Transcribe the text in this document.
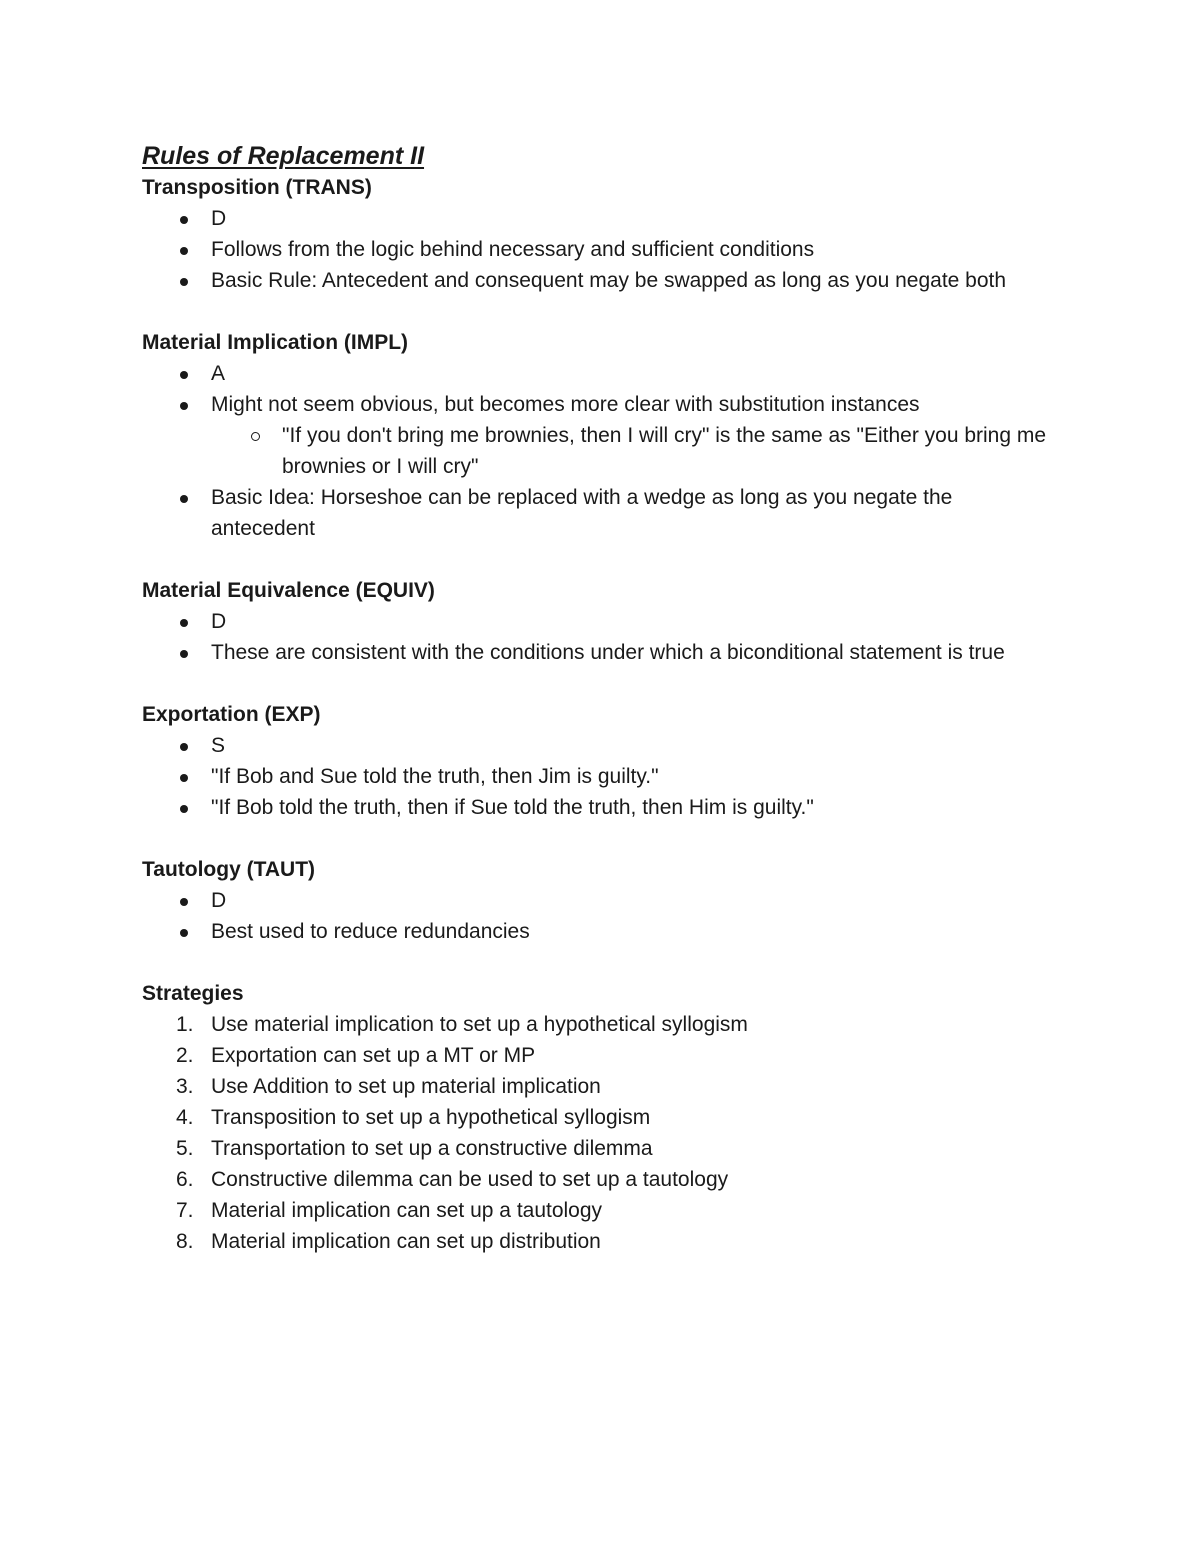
Rules of Replacement II
Transposition (TRANS)
D
Follows from the logic behind necessary and sufficient conditions
Basic Rule: Antecedent and consequent may be swapped as long as you negate both
Material Implication (IMPL)
A
Might not seem obvious, but becomes more clear with substitution instances
"If you don't bring me brownies, then I will cry" is the same as "Either you bring me brownies or I will cry"
Basic Idea: Horseshoe can be replaced with a wedge as long as you negate the antecedent
Material Equivalence (EQUIV)
D
These are consistent with the conditions under which a biconditional statement is true
Exportation (EXP)
S
"If Bob and Sue told the truth, then Jim is guilty."
"If Bob told the truth, then if Sue told the truth, then Him is guilty."
Tautology (TAUT)
D
Best used to reduce redundancies
Strategies
1. Use material implication to set up a hypothetical syllogism
2. Exportation can set up a MT or MP
3. Use Addition to set up material implication
4. Transposition to set up a hypothetical syllogism
5. Transportation to set up a constructive dilemma
6. Constructive dilemma can be used to set up a tautology
7. Material implication can set up a tautology
8. Material implication can set up distribution
